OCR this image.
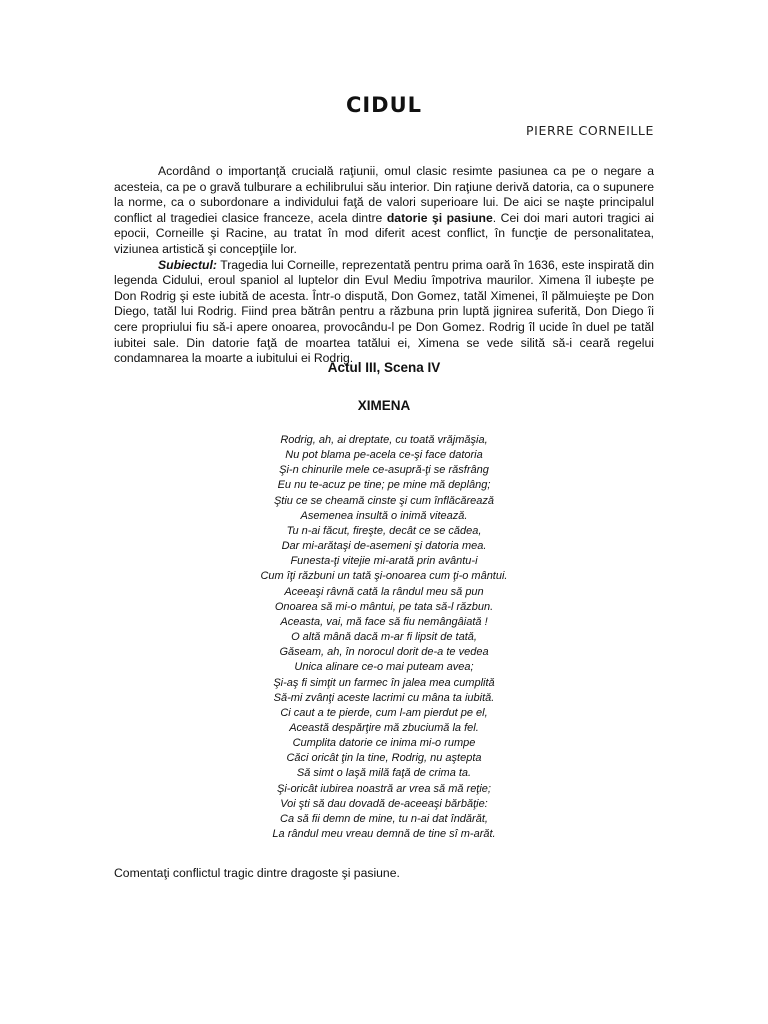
CIDUL
PIERRE CORNEILLE

Acordând o importanţă crucială raţiunii, omul clasic resimte pasiunea ca pe o negare a acesteia, ca pe o gravă tulburare a echilibrului său interior. Din raţiune derivă datoria, ca o supunere la norme, ca o subordonare a individului faţă de valori superioare lui. De aici se naşte principalul conflict al tragediei clasice franceze, acela dintre datorie şi pasiune. Cei doi mari autori tragici ai epocii, Corneille şi Racine, au tratat în mod diferit acest conflict, în funcţie de personalitatea, viziunea artistică şi concepţiile lor.

Subiectul: Tragedia lui Corneille, reprezentată pentru prima oară în 1636, este inspirată din legenda Cidului, eroul spaniol al luptelor din Evul Mediu împotriva maurilor. Ximena îl iubeşte pe Don Rodrig şi este iubită de acesta. Într-o dispută, Don Gomez, tatăl Ximenei, îl pălmuieşte pe Don Diego, tatăl lui Rodrig. Fiind prea bătrân pentru a răzbuna prin luptă jignirea suferită, Don Diego îi cere propriului fiu să-i apere onoarea, provocându-l pe Don Gomez. Rodrig îl ucide în duel pe tatăl iubitei sale. Din datorie faţă de moartea tatălui ei, Ximena se vede silită să-i ceară regelui condamnarea la moarte a iubitului ei Rodrig.

Actul III, Scena IV
XIMENA
Rodrig, ah, ai dreptate, cu toată vrăjmăşia,
Nu pot blama pe-acela ce-şi face datoria
Şi-n chinurile mele ce-asupră-ţi se răsfrâng
Eu nu te-acuz pe tine; pe mine mă deplâng;
Ştiu ce se cheamă cinste şi cum înflăcărează
Asemenea insultă o inimă vitează.
Tu n-ai făcut, fireşte, decât ce se cădea,
Dar mi-arătaşi de-asemeni şi datoria mea.
Funesta-ţi vitejie mi-arată prin avântu-i
Cum îţi răzbuni un tată şi-onoarea cum ţi-o mântui.
Aceeaşi râvnă cată la rândul meu să pun
Onoarea să mi-o mântui, pe tata să-l răzbun.
Aceasta, vai, mă face să fiu nemângâiată !
O altă mână dacă m-ar fi lipsit de tată,
Găseam, ah, în norocul dorit de-a te vedea
Unica alinare ce-o mai puteam avea;
Şi-aş fi simţit un farmec în jalea mea cumplită
Să-mi zvânţi aceste lacrimi cu mâna ta iubită.
Ci caut a te pierde, cum l-am pierdut pe el,
Această despărţire mă zbuciumă la fel.
Cumplita datorie ce inima mi-o rumpe
Căci oricât ţin la tine, Rodrig, nu aştepta
Să simt o laşă milă faţă de crima ta.
Şi-oricât iubirea noastră ar vrea să mă reţie;
Voi şti să dau dovadă de-aceeaşi bărbăţie:
Ca să fii demn de mine, tu n-ai dat îndărăt,
La rândul meu vreau demnă de tine sî m-arăt.

Comentaţi conflictul tragic dintre dragoste şi pasiune.
